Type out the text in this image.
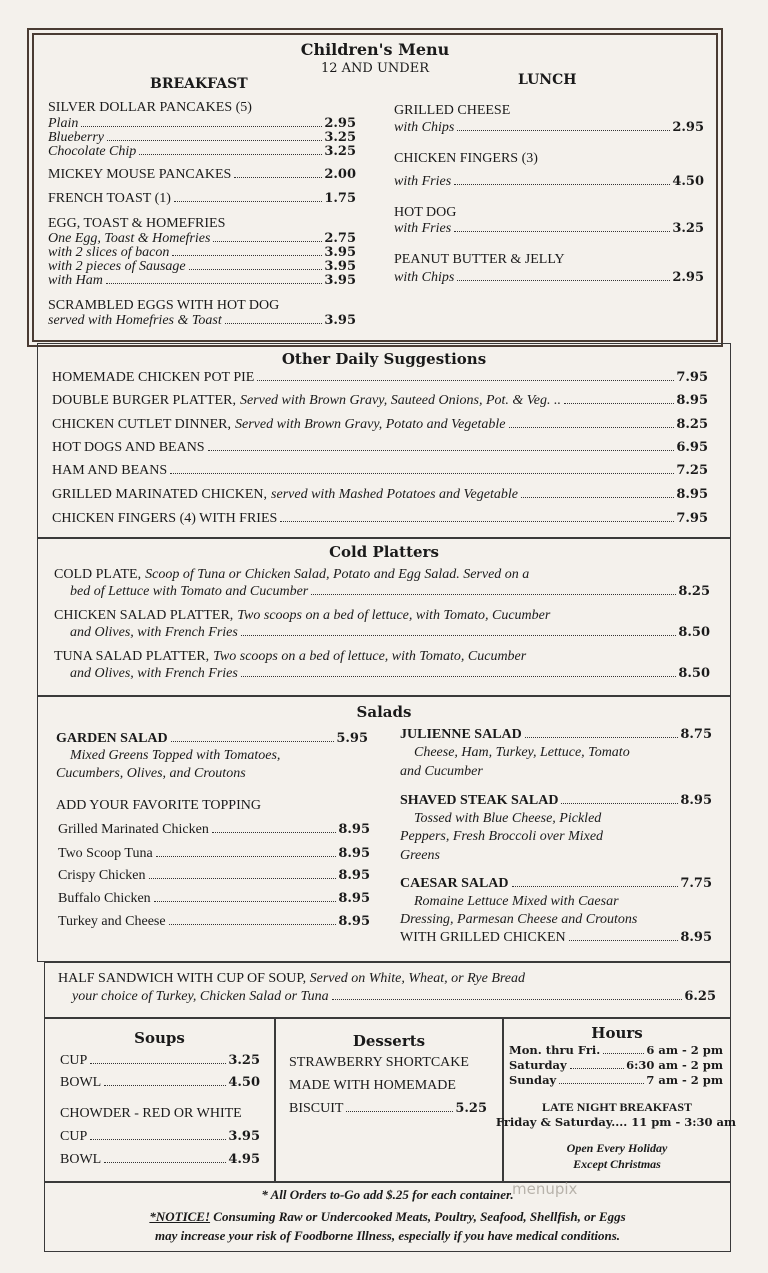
Children's Menu
12 AND UNDER
BREAKFAST	LUNCH
SILVER DOLLAR PANCAKES (5)
Plain	2.95
Blueberry	3.25
Chocolate Chip	3.25
MICKEY MOUSE PANCAKES	2.00
FRENCH TOAST (1)	1.75
EGG, TOAST & HOMEFRIES
One Egg, Toast & Homefries	2.75
with 2 slices of bacon	3.95
with 2 pieces of Sausage	3.95
with Ham	3.95
SCRAMBLED EGGS WITH HOT DOG
served with Homefries & Toast	3.95
GRILLED CHEESE
with Chips	2.95
CHICKEN FINGERS (3)
with Fries	4.50
HOT DOG
with Fries	3.25
PEANUT BUTTER & JELLY
with Chips	2.95
Other Daily Suggestions
HOMEMADE CHICKEN POT PIE	7.95
DOUBLE BURGER PLATTER, Served with Brown Gravy, Sauteed Onions, Pot. & Veg. ..	8.95
CHICKEN CUTLET DINNER, Served with Brown Gravy, Potato and Vegetable	8.25
HOT DOGS AND BEANS	6.95
HAM AND BEANS	7.25
GRILLED MARINATED CHICKEN, served with Mashed Potatoes and Vegetable	8.95
CHICKEN FINGERS (4) WITH FRIES	7.95
Cold Platters
COLD PLATE, Scoop of Tuna or Chicken Salad, Potato and Egg Salad. Served on a
bed of Lettuce with Tomato and Cucumber	8.25
CHICKEN SALAD PLATTER, Two scoops on a bed of lettuce, with Tomato, Cucumber
and Olives, with French Fries	8.50
TUNA SALAD PLATTER, Two scoops on a bed of lettuce, with Tomato, Cucumber
and Olives, with French Fries	8.50
Salads
GARDEN SALAD	5.95
Mixed Greens Topped with Tomatoes,
Cucumbers, Olives, and Croutons
ADD YOUR FAVORITE TOPPING
Grilled Marinated Chicken	8.95
Two Scoop Tuna	8.95
Crispy Chicken	8.95
Buffalo Chicken	8.95
Turkey and Cheese	8.95
JULIENNE SALAD	8.75
Cheese, Ham, Turkey, Lettuce, Tomato
and Cucumber
SHAVED STEAK SALAD	8.95
Tossed with Blue Cheese, Pickled
Peppers, Fresh Broccoli over Mixed
Greens
CAESAR SALAD	7.75
Romaine Lettuce Mixed with Caesar
Dressing, Parmesan Cheese and Croutons
WITH GRILLED CHICKEN	8.95
HALF SANDWICH WITH CUP OF SOUP, Served on White, Wheat, or Rye Bread
your choice of Turkey, Chicken Salad or Tuna	6.25
Soups
CUP	3.25
BOWL	4.50
CHOWDER - RED OR WHITE
CUP	3.95
BOWL	4.95
Desserts
STRAWBERRY SHORTCAKE
MADE WITH HOMEMADE
BISCUIT	5.25
Hours
Mon. thru Fri.	6 am - 2 pm
Saturday	6:30 am - 2 pm
Sunday	7 am - 2 pm
LATE NIGHT BREAKFAST
Friday & Saturday.... 11 pm - 3:30 am
Open Every Holiday
Except Christmas
* All Orders to-Go add $.25 for each container.
*NOTICE! Consuming Raw or Undercooked Meats, Poultry, Seafood, Shellfish, or Eggs
may increase your risk of Foodborne Illness, especially if you have medical conditions.
menupix
